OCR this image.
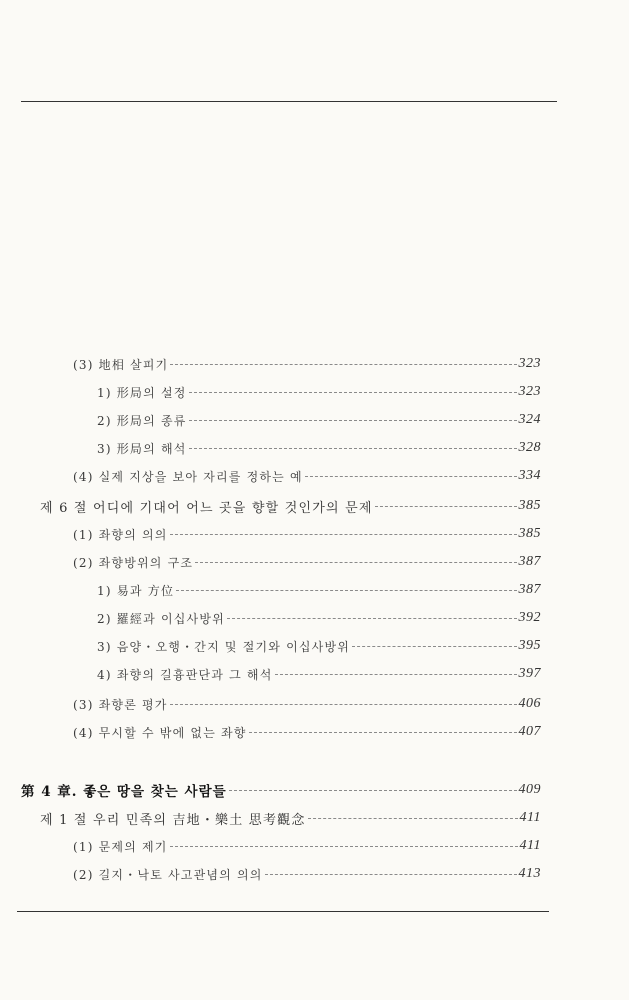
(3) 地相 살피기	323
1) 形局의 설정	323
2) 形局의 종류	324
3) 形局의 해석	328
(4) 실제 지상을 보아 자리를 정하는 예	334
제 6 절 어디에 기대어 어느 곳을 향할 것인가의 문제	385
(1) 좌향의 의의	385
(2) 좌향방위의 구조	387
1) 易과 方位	387
2) 羅經과 이십사방위	392
3) 음양・오행・간지 및 절기와 이십사방위	395
4) 좌향의 길흉판단과 그 해석	397
(3) 좌향론 평가	406
(4) 무시할 수 밖에 없는 좌향	407
第 4 章. 좋은 땅을 찾는 사람들	409
제 1 절 우리 민족의 吉地・樂土 思考觀念	411
(1) 문제의 제기	411
(2) 길지・낙토 사고관념의 의의	413
